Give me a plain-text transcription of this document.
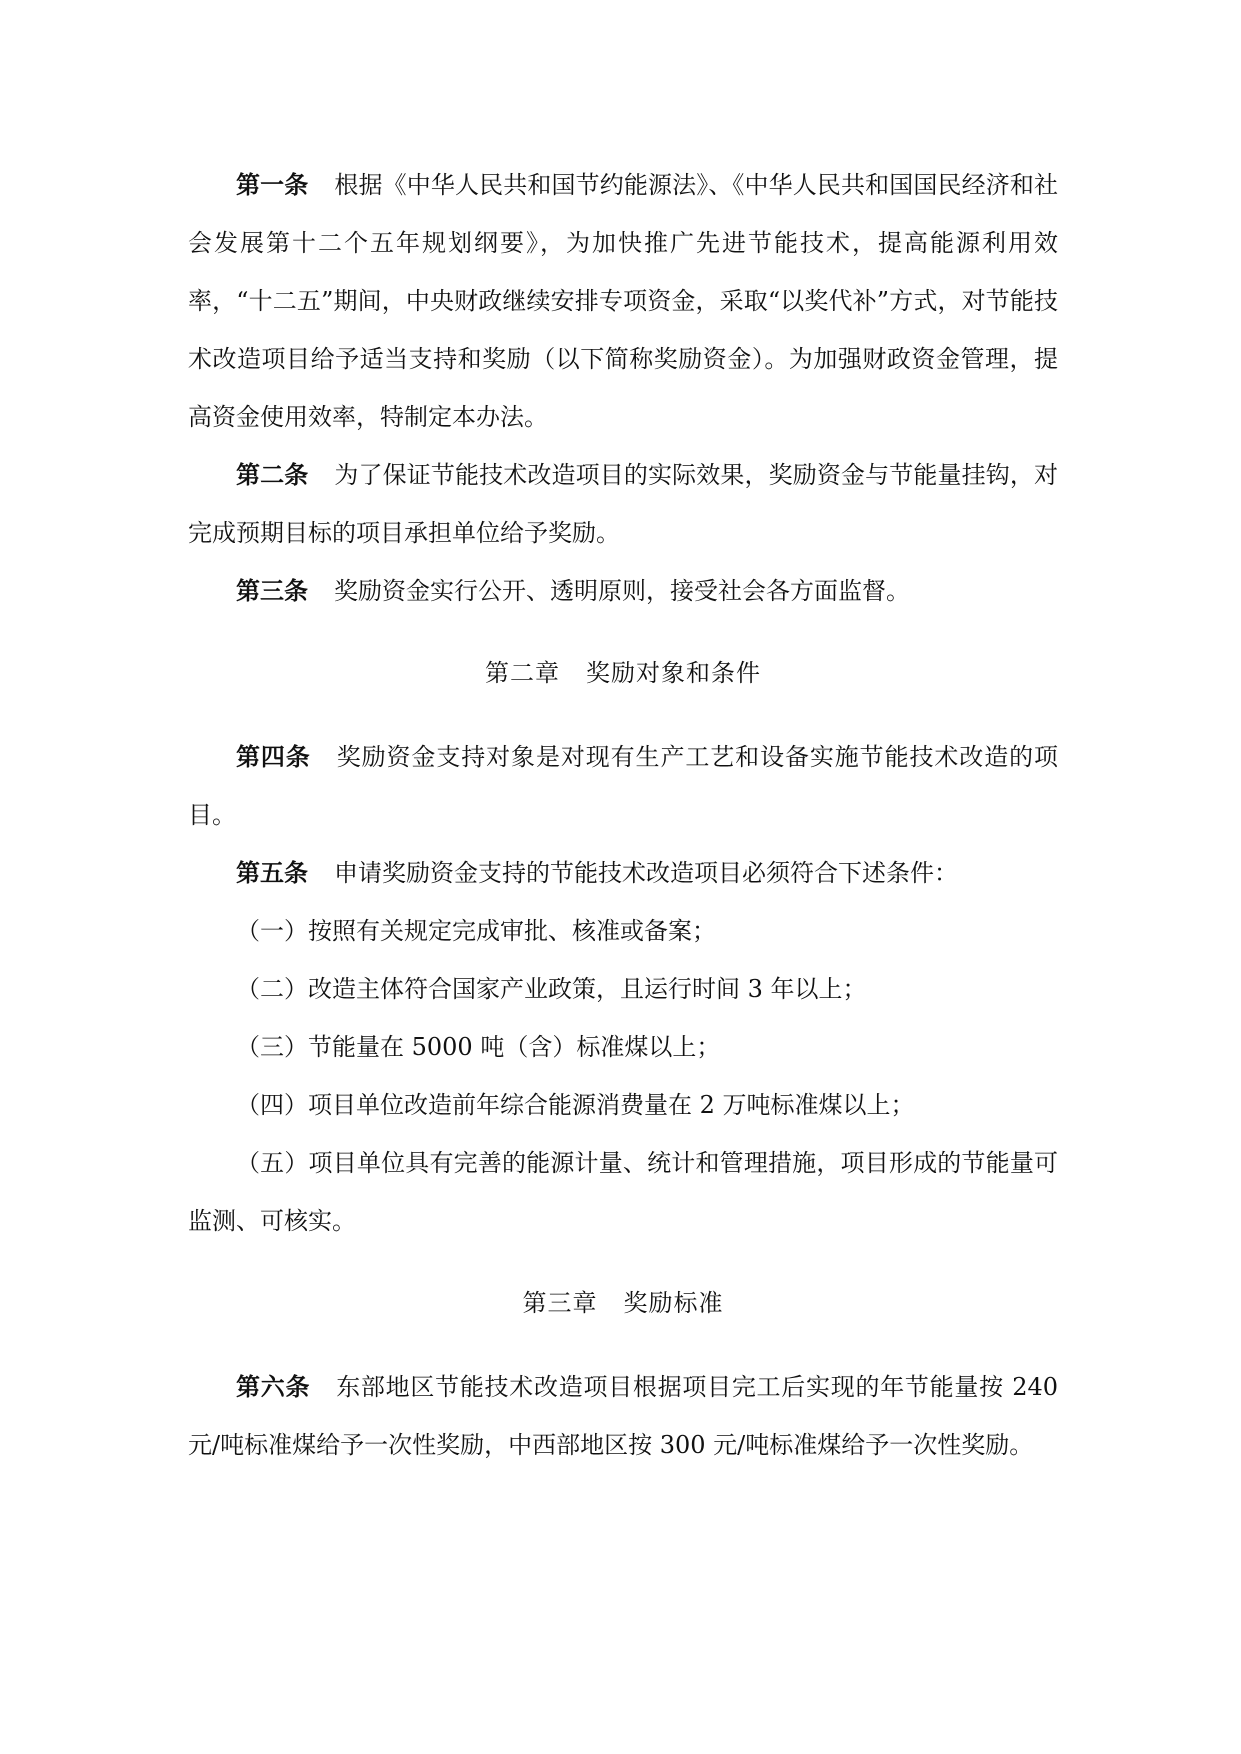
第一条 根据《中华人民共和国节约能源法》、《中华人民共和国国民经济和社会发展第十二个五年规划纲要》，为加快推广先进节能技术，提高能源利用效率，“十二五”期间，中央财政继续安排专项资金，采取“以奖代补”方式，对节能技术改造项目给予适当支持和奖励（以下简称奖励资金）。为加强财政资金管理，提高资金使用效率，特制定本办法。

第二条 为了保证节能技术改造项目的实际效果，奖励资金与节能量挂钩，对完成预期目标的项目承担单位给予奖励。

第三条 奖励资金实行公开、透明原则，接受社会各方面监督。

第二章 奖励对象和条件

第四条 奖励资金支持对象是对现有生产工艺和设备实施节能技术改造的项目。

第五条 申请奖励资金支持的节能技术改造项目必须符合下述条件：

（一）按照有关规定完成审批、核准或备案；

（二）改造主体符合国家产业政策，且运行时间 3 年以上；

（三）节能量在 5000 吨（含）标准煤以上；

（四）项目单位改造前年综合能源消费量在 2 万吨标准煤以上；

（五）项目单位具有完善的能源计量、统计和管理措施，项目形成的节能量可监测、可核实。

第三章 奖励标准

第六条 东部地区节能技术改造项目根据项目完工后实现的年节能量按 240 元/吨标准煤给予一次性奖励，中西部地区按 300 元/吨标准煤给予一次性奖励。
